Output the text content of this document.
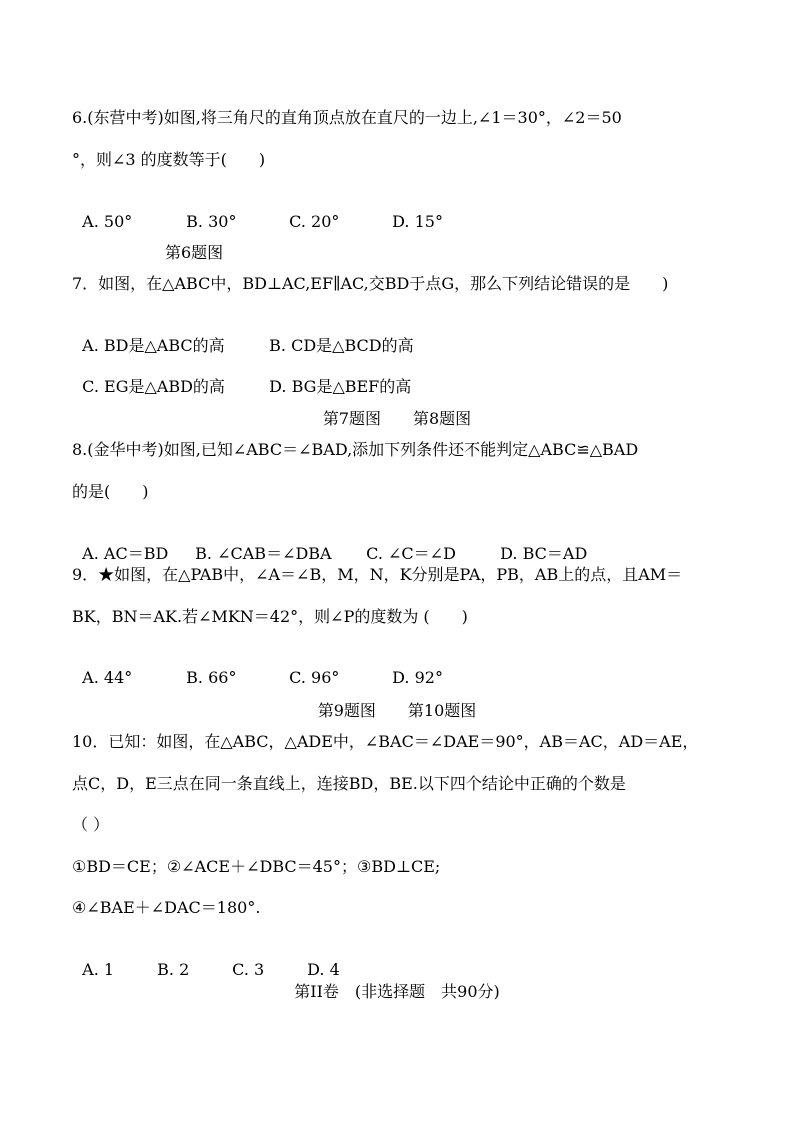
6.(东营中考)如图,将三角尺的直角顶点放在直尺的一边上,∠1＝30°，∠2＝50
°，则∠3 的度数等于(　　)

A. 50°	B. 30°	C. 20°	D. 15°

第6题图
7．如图，在△ABC中，BD⊥AC,EF∥AC,交BD于点G，那么下列结论错误的是　　)

A. BD是△ABC的高	B. CD是△BCD的高

C. EG是△ABD的高	D. BG是△BEF的高

第7题图　　第8题图
8.(金华中考)如图,已知∠ABC＝∠BAD,添加下列条件还不能判定△ABC≌△BAD
的是(　　)

A. AC＝BD B. ∠CAB＝∠DBA C. ∠C＝∠D	D. BC＝AD

9．★如图，在△PAB中，∠A＝∠B，M，N，K分别是PA，PB，AB上的点，且AM＝
BK，BN＝AK.若∠MKN＝42°，则∠P的度数为 (　　)

A. 44°	B. 66°	C. 96°	D. 92°

第9题图　　第10题图
10．已知：如图，在△ABC，△ADE中，∠BAC＝∠DAE＝90°，AB＝AC，AD＝AE，
点C，D，E三点在同一条直线上，连接BD，BE.以下四个结论中正确的个数是
（ ）
①BD＝CE；②∠ACE＋∠DBC＝45°；③BD⊥CE;
④∠BAE＋∠DAC＝180°.

A. 1	B. 2	C. 3	D. 4

第II卷　(非选择题　共90分)
